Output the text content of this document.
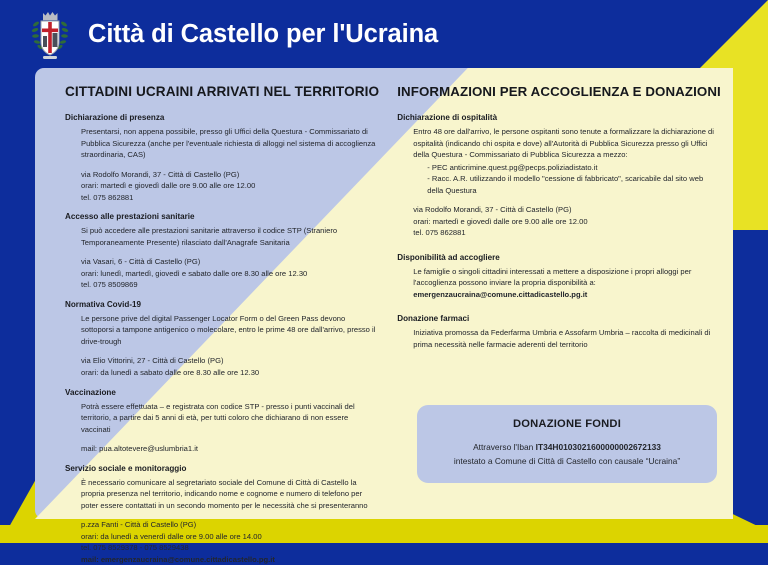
Città di Castello per l'Ucraina
CITTADINI UCRAINI ARRIVATI NEL TERRITORIO
Dichiarazione di presenza

Presentarsi, non appena possibile, presso gli Uffici della Questura - Commissariato di Pubblica Sicurezza (anche per l'eventuale richiesta di alloggi nel sistema di accoglienza straordinaria, CAS)

via Rodolfo Morandi, 37 - Città di Castello (PG)

orari: martedì e giovedì dalle ore 9.00 alle ore 12.00

tel. 075 862881

Accesso alle prestazioni sanitarie

Si può accedere alle prestazioni sanitarie attraverso il codice STP (Straniero Temporaneamente Presente) rilasciato dall'Anagrafe Sanitaria

via Vasari, 6 - Città di Castello (PG)

orari: lunedì, martedì, giovedì e sabato dalle ore 8.30 alle ore 12.30

tel. 075 8509869

Normativa Covid-19

Le persone prive del digital Passenger Locator Form o del Green Pass devono sottoporsi a tampone antigenico o molecolare, entro le prime 48 ore dall'arrivo, presso il drive-trough

via Elio Vittorini, 27 - Città di Castello (PG)

orari: da lunedì a sabato dalle ore 8.30 alle ore 12.30

Vaccinazione

Potrà essere effettuata – e registrata con codice STP - presso i punti vaccinali del territorio, a partire dai 5 anni di età, per tutti coloro che dichiarano di non essere vaccinati

mail: pua.altotevere@uslumbria1.it

Servizio sociale e monitoraggio

È necessario comunicare al segretariato sociale del Comune di Città di Castello la propria presenza nel territorio, indicando nome e cognome e numero di telefono per poter essere contattati in un secondo momento per le necessità che si presenteranno

p.zza Fanti - Città di Castello (PG)

orari: da lunedì a venerdì dalle ore 9.00 alle ore 14.00

tel. 075 8529378 - 075 8529438

mail: emergenzaucraina@comune.cittadicastello.pg.it

INFORMAZIONI PER ACCOGLIENZA E DONAZIONI
Dichiarazione di ospitalità

Entro 48 ore dall'arrivo, le persone ospitanti sono tenute a formalizzare la dichiarazione di ospitalità (indicando chi ospita e dove) all'Autorità di Pubblica Sicurezza presso gli Uffici della Questura - Commissariato di Pubblica Sicurezza a mezzo:

- PEC anticrimine.quest.pg@pecps.poliziadistato.it

- Racc. A.R. utilizzando il modello "cessione di fabbricato", scaricabile dal sito web della Questura

via Rodolfo Morandi, 37 - Città di Castello (PG)

orari: martedì e giovedì dalle ore 9.00 alle ore 12.00

tel. 075 862881

Disponibilità ad accogliere

Le famiglie o singoli cittadini interessati a mettere a disposizione i propri alloggi per l'accoglienza possono inviare la propria disponibilità a:

emergenzaucraina@comune.cittadicastello.pg.it

Donazione farmaci

Iniziativa promossa da Federfarma Umbria e Assofarm Umbria – raccolta di medicinali di prima necessità nelle farmacie aderenti del territorio

DONAZIONE FONDI
Attraverso l'Iban IT34H0103021600000002672133
intestato a Comune di Città di Castello con causale “Ucraina”
